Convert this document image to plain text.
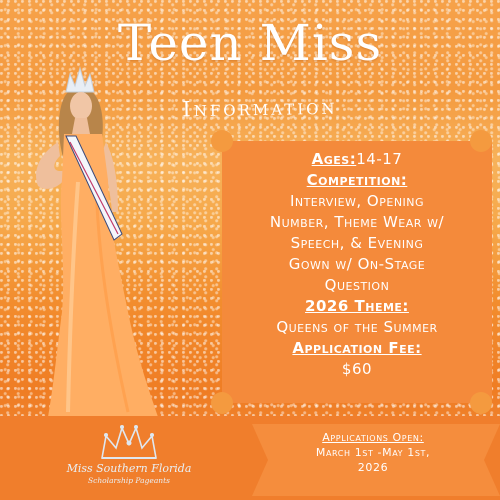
Teen Miss
Information
Ages:14-17
Competition:
Interview, Opening
Number, Theme Wear w/
Speech, & Evening
Gown w/ On-Stage
Question
2026 Theme:
Queens of the Summer
Application Fee:
$60
Miss Southern Florida
Scholarship Pageants
Applications Open:
March 1st -May 1st,
2026
